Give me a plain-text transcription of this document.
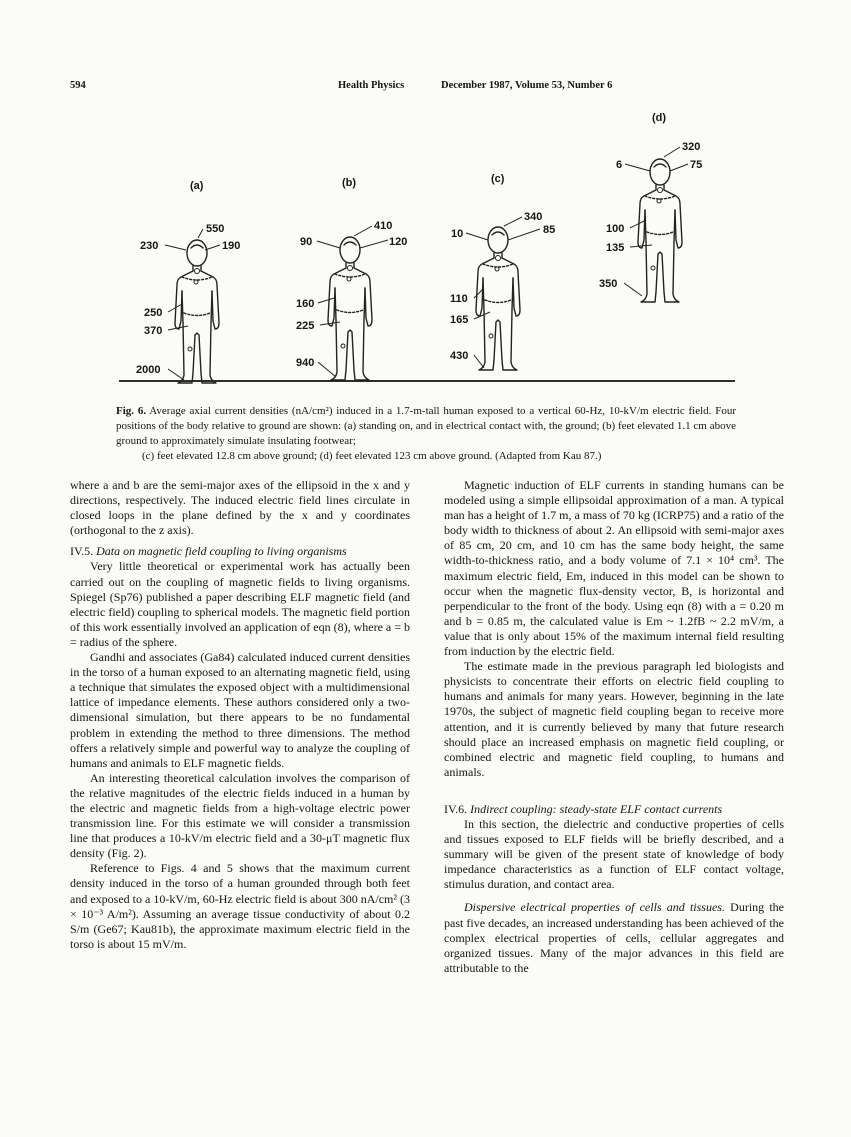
594	Health Physics	December 1987, Volume 53, Number 6
(a)
550
230	190
250
370
2000
(b)
410
90	120
160
225
940
(c)
340
10	85
110
165
430
(d)
320
6	75
100
135
350
Fig. 6. Average axial current densities (nA/cm²) induced in a 1.7-m-tall human exposed to a vertical 60-Hz, 10-kV/m electric field. Four positions of the body relative to ground are shown: (a) standing on, and in electrical contact with, the ground; (b) feet elevated 1.1 cm above ground to approximately simulate insulating footwear;
(c) feet elevated 12.8 cm above ground; (d) feet elevated 123 cm above ground. (Adapted from Kau 87.)

where a and b are the semi-major axes of the ellipsoid in the x and y directions, respectively. The induced electric field lines circulate in closed loops in the plane defined by the x and y coordinates (orthogonal to the z axis).

IV.5. Data on magnetic field coupling to living organisms

Very little theoretical or experimental work has actually been carried out on the coupling of magnetic fields to living organisms. Spiegel (Sp76) published a paper describing ELF magnetic field (and electric field) coupling to spherical models. The magnetic field portion of this work essentially involved an application of eqn (8), where a = b = radius of the sphere.

Gandhi and associates (Ga84) calculated induced current densities in the torso of a human exposed to an alternating magnetic field, using a technique that simulates the exposed object with a multidimensional lattice of impedance elements. These authors considered only a two-dimensional simulation, but there appears to be no fundamental problem in extending the method to three dimensions. The method offers a relatively simple and powerful way to analyze the coupling of humans and animals to ELF magnetic fields.

An interesting theoretical calculation involves the comparison of the relative magnitudes of the electric fields induced in a human by the electric and magnetic fields from a high-voltage electric power transmission line. For this estimate we will consider a transmission line that produces a 10-kV/m electric field and a 30-μT magnetic flux density (Fig. 2).

Reference to Figs. 4 and 5 shows that the maximum current density induced in the torso of a human grounded through both feet and exposed to a 10-kV/m, 60-Hz electric field is about 300 nA/cm² (3 × 10⁻³ A/m²). Assuming an average tissue conductivity of about 0.2 S/m (Ge67; Kau81b), the approximate maximum electric field in the torso is about 15 mV/m.

Magnetic induction of ELF currents in standing humans can be modeled using a simple ellipsoidal approximation of a man. A typical man has a height of 1.7 m, a mass of 70 kg (ICRP75) and a ratio of the body width to thickness of about 2. An ellipsoid with semi-major axes of 85 cm, 20 cm, and 10 cm has the same body height, the same width-to-thickness ratio, and a body volume of 7.1 × 10⁴ cm³. The maximum electric field, Em, induced in this model can be shown to occur when the magnetic flux-density vector, B, is horizontal and perpendicular to the front of the body. Using eqn (8) with a = 0.20 m and b = 0.85 m, the calculated value is Em ~ 1.2fB ~ 2.2 mV/m, a value that is only about 15% of the maximum internal field resulting from induction by the electric field.

The estimate made in the previous paragraph led biologists and physicists to concentrate their efforts on electric field coupling to humans and animals for many years. However, beginning in the late 1970s, the subject of magnetic field coupling began to receive more attention, and it is currently believed by many that future research should place an increased emphasis on magnetic field coupling, or combined electric and magnetic field coupling, to humans and animals.

IV.6. Indirect coupling: steady-state ELF contact currents

In this section, the dielectric and conductive properties of cells and tissues exposed to ELF fields will be briefly described, and a summary will be given of the present state of knowledge of body impedance characteristics as a function of ELF contact voltage, stimulus duration, and contact area.

Dispersive electrical properties of cells and tissues. During the past five decades, an increased understanding has been achieved of the complex electrical properties of cells, cellular aggregates and organized tissues. Many of the major advances in this field are attributable to the
